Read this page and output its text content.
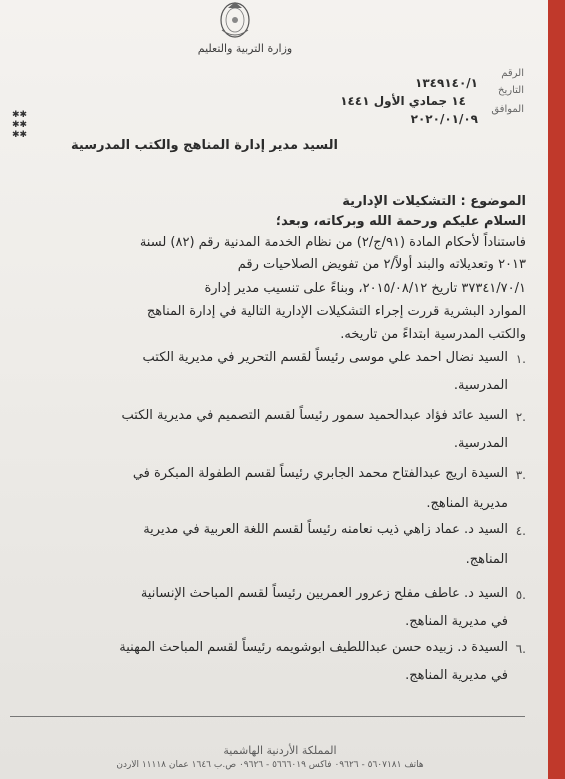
وزارة التربية والتعليم
الرقم
التاريخ
الموافق
١٣٤٩١٤٠/١
١٤ جمادي الأول ١٤٤١
٢٠٢٠/٠١/٠٩
✱✱
✱✱
✱✱
السيد مدير إدارة المناهج والكتب المدرسية
الموضوع : التشكيلات الإدارية
السلام عليكم ورحمة الله وبركاته، وبعد؛
فاستناداً لأحكام المادة (٩١/ج/٢) من نظام الخدمة المدنية رقم (٨٢) لسنة
٢٠١٣ وتعديلاته والبند أولاً/٢ من تفويض الصلاحيات رقم
٣٧٣٤١/٧٠/١ تاريخ ٢٠١٥/٠٨/١٢، وبناءً على تنسيب مدير إدارة
الموارد البشرية قررت إجراء التشكيلات الإدارية التالية في إدارة المناهج
والكتب المدرسية ابتداءً من تاريخه.
.١
السيد نضال احمد علي موسى رئيساً لقسم التحرير في مديرية الكتب
المدرسية.
.٢
السيد عائد فؤاد عبدالحميد سمور رئيساً لقسم التصميم في مديرية الكتب
المدرسية.
.٣
السيدة اريج عبدالفتاح محمد الجابري رئيساً لقسم الطفولة المبكرة في
مديرية المناهج.
.٤
السيد د. عماد زاهي ذيب نعامنه رئيساً لقسم اللغة العربية في مديرية
المناهج.
.٥
السيد د. عاطف مفلح زعرور العمريين رئيساً لقسم المباحث الإنسانية
في مديرية المناهج.
.٦
السيدة د. زبيده حسن عبداللطيف ابوشويمه رئيساً لقسم المباحث المهنية
في مديرية المناهج.
المملكة الأردنية الهاشمية
هاتف ٥٦٠٧١٨١ - ٠٩٦٢٦ فاكس ٥٦٦٦٠١٩ - ٠٩٦٢٦ ص.ب ١٦٤٦ عمان ١١١١٨ الأردن
